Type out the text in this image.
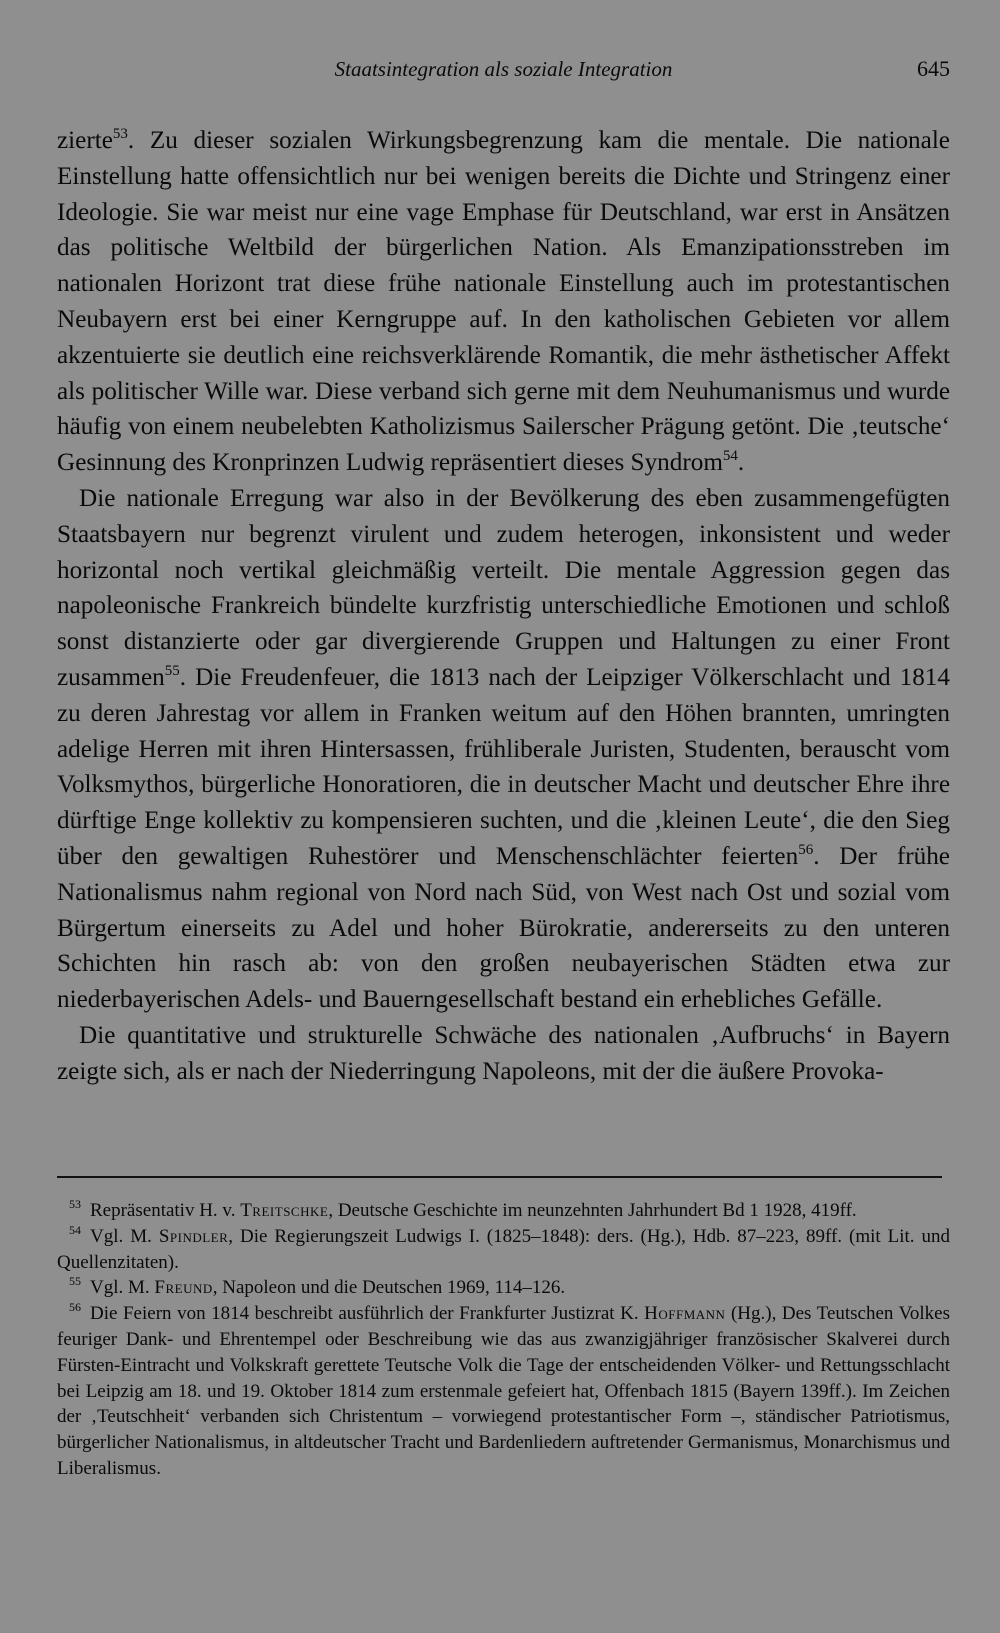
Staatsintegration als soziale Integration	645

zierte$^{53}$. Zu dieser sozialen Wirkungsbegrenzung kam die mentale. Die nationale Einstellung hatte offensichtlich nur bei wenigen bereits die Dichte und Stringenz einer Ideologie. Sie war meist nur eine vage Emphase für Deutschland, war erst in Ansätzen das politische Weltbild der bürgerlichen Nation. Als Emanzipationsstreben im nationalen Horizont trat diese frühe nationale Einstellung auch im protestantischen Neubayern erst bei einer Kerngruppe auf. In den katholischen Gebieten vor allem akzentuierte sie deutlich eine reichsverklärende Romantik, die mehr ästhetischer Affekt als politischer Wille war. Diese verband sich gerne mit dem Neuhumanismus und wurde häufig von einem neubelebten Katholizismus Sailerscher Prägung getönt. Die ‚teutsche‘ Gesinnung des Kronprinzen Ludwig repräsentiert dieses Syndrom$^{54}$.

Die nationale Erregung war also in der Bevölkerung des eben zusammengefügten Staatsbayern nur begrenzt virulent und zudem heterogen, inkonsistent und weder horizontal noch vertikal gleichmäßig verteilt. Die mentale Aggression gegen das napoleonische Frankreich bündelte kurzfristig unterschiedliche Emotionen und schloß sonst distanzierte oder gar divergierende Gruppen und Haltungen zu einer Front zusammen$^{55}$. Die Freudenfeuer, die 1813 nach der Leipziger Völkerschlacht und 1814 zu deren Jahrestag vor allem in Franken weitum auf den Höhen brannten, umringten adelige Herren mit ihren Hintersassen, frühliberale Juristen, Studenten, berauscht vom Volksmythos, bürgerliche Honoratioren, die in deutscher Macht und deutscher Ehre ihre dürftige Enge kollektiv zu kompensieren suchten, und die ‚kleinen Leute‘, die den Sieg über den gewaltigen Ruhestörer und Menschenschlächter feierten$^{56}$. Der frühe Nationalismus nahm regional von Nord nach Süd, von West nach Ost und sozial vom Bürgertum einerseits zu Adel und hoher Bürokratie, andererseits zu den unteren Schichten hin rasch ab: von den großen neubayerischen Städten etwa zur niederbayerischen Adels- und Bauerngesellschaft bestand ein erhebliches Gefälle.

Die quantitative und strukturelle Schwäche des nationalen ‚Aufbruchs‘ in Bayern zeigte sich, als er nach der Niederringung Napoleons, mit der die äußere Provoka-

$^{53}$ Repräsentativ H. v. Treitschke, Deutsche Geschichte im neunzehnten Jahrhundert Bd 1 1928, 419ff.

$^{54}$ Vgl. M. Spindler, Die Regierungszeit Ludwigs I. (1825–1848): ders. (Hg.), Hdb. 87–223, 89ff. (mit Lit. und Quellenzitaten).

$^{55}$ Vgl. M. Freund, Napoleon und die Deutschen 1969, 114–126.

$^{56}$ Die Feiern von 1814 beschreibt ausführlich der Frankfurter Justizrat K. Hoffmann (Hg.), Des Teutschen Volkes feuriger Dank- und Ehrentempel oder Beschreibung wie das aus zwanzigjähriger französischer Skalverei durch Fürsten-Eintracht und Volkskraft gerettete Teutsche Volk die Tage der entscheidenden Völker- und Rettungsschlacht bei Leipzig am 18. und 19. Oktober 1814 zum erstenmale gefeiert hat, Offenbach 1815 (Bayern 139ff.). Im Zeichen der ‚Teutschheit‘ verbanden sich Christentum – vorwiegend protestantischer Form –, ständischer Patriotismus, bürgerlicher Nationalismus, in altdeutscher Tracht und Bardenliedern auftretender Germanismus, Monarchismus und Liberalismus.
